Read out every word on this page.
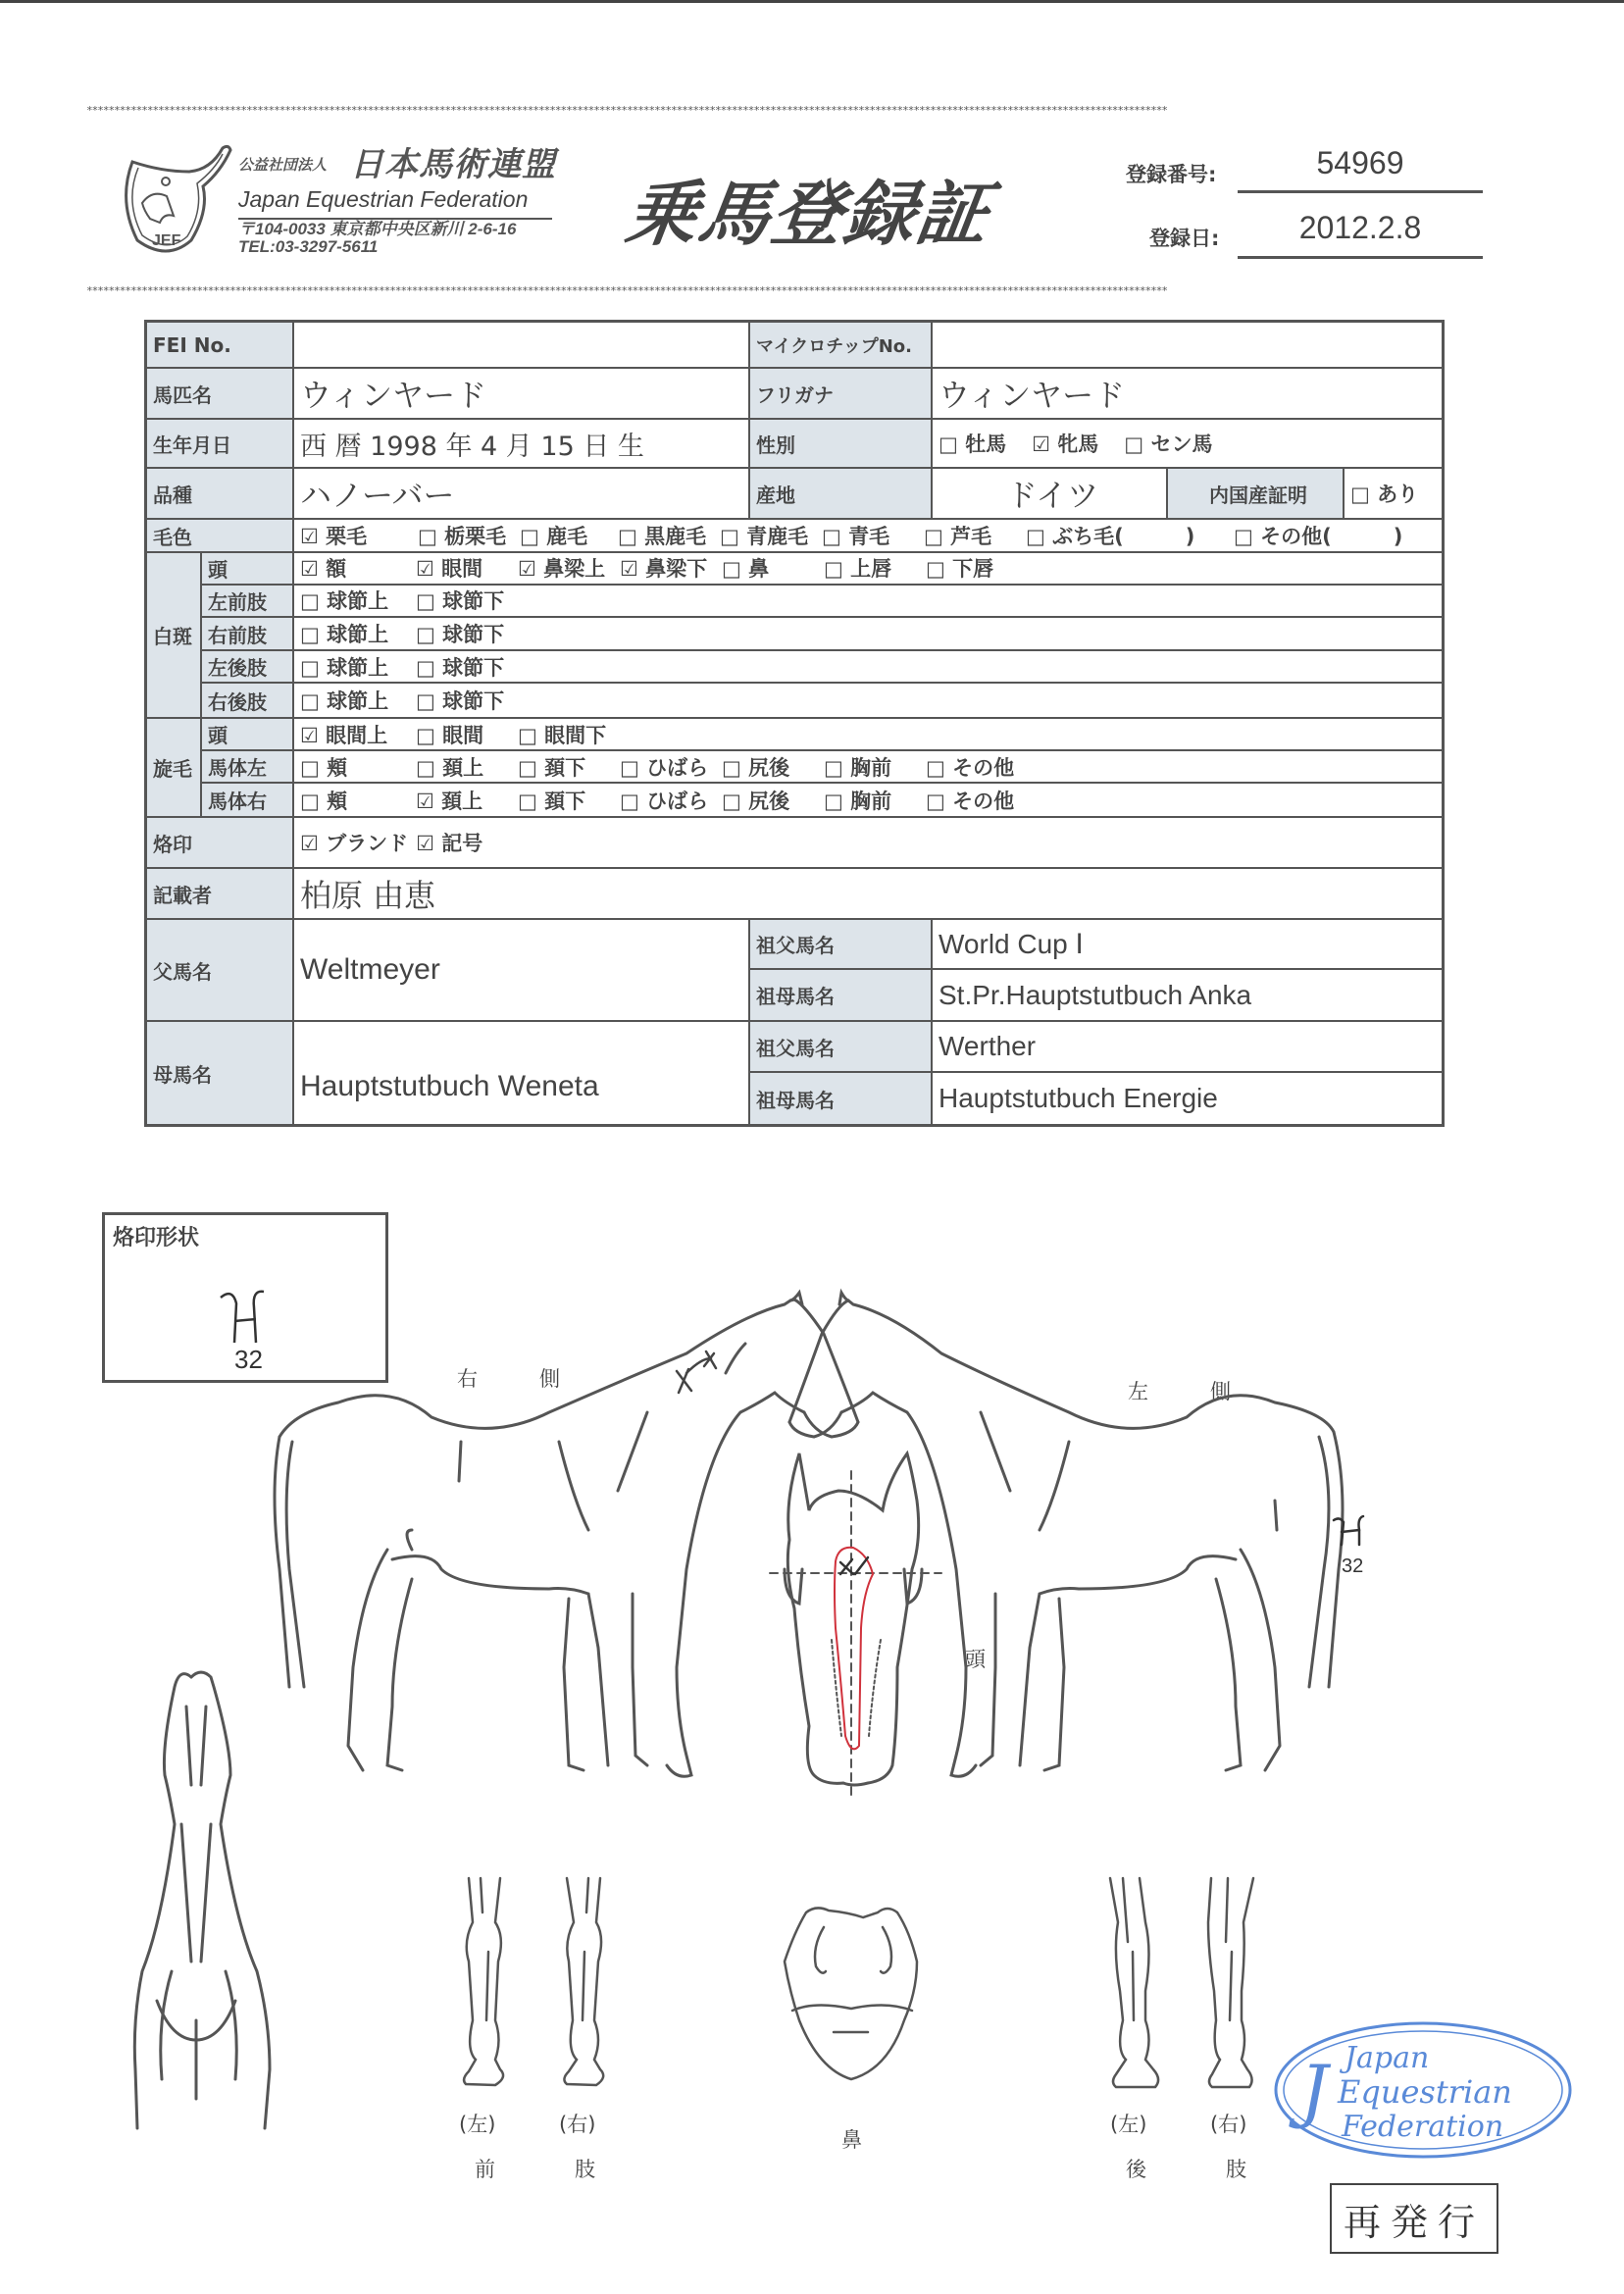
****************************************************************************************************************************************************************************************************
****************************************************************************************************************************************************************************************************
JEF
公益社団法人 日本馬術連盟
Japan Equestrian Federation
〒104-0033 東京都中央区新川 2-6-16
TEL:03-3297-5611	乗馬登録証	登録番号:	54969
登録日:	2012.2.8
FEI No.	マイクロチップNo.
馬匹名	ウィンヤード	フリガナ	ウィンヤード
生年月日	西 暦 1998 年 4 月 15 日 生	性別	□ 牡馬 ☑ 牝馬 □ セン馬
品種	ハノーバー	産地	ドイツ	内国産証明	□ あり
毛色	☑ 栗毛	□ 栃栗毛 □ 鹿毛	□ 黒鹿毛 □ 青鹿毛 □ 青毛	□ 芦毛	□ ぶち毛(　　　)	□ その他(　　　)
白斑
頭	☑ 額	☑ 眼間	☑ 鼻梁上 ☑ 鼻梁下 □ 鼻	□ 上唇	□ 下唇
左前肢	□ 球節上	□ 球節下
右前肢	□ 球節上	□ 球節下
左後肢	□ 球節上	□ 球節下
右後肢	□ 球節上	□ 球節下
旋毛
頭	☑ 眼間上	□ 眼間	□ 眼間下
馬体左	□ 頬	□ 頚上	□ 頚下	□ ひばら □ 尻後	□ 胸前	□ その他
馬体右	□ 頬	☑ 頚上	□ 頚下	□ ひばら □ 尻後	□ 胸前	□ その他
烙印	☑ ブランド ☑ 記号
記載者	柏原 由恵
父馬名	Weltmeyer
祖父馬名	World Cup Ⅰ
祖母馬名	St.Pr.Hauptstutbuch Anka
母馬名	Hauptstutbuch Weneta
祖父馬名	Werther
祖母馬名	Hauptstutbuch Energie
烙印形状
32
右　　　側
左　　　側
頭
鼻
(左)	(右)
前	肢
(左)	(右)
後	肢
32
J Japan
Equestrian
Federation
再発行
